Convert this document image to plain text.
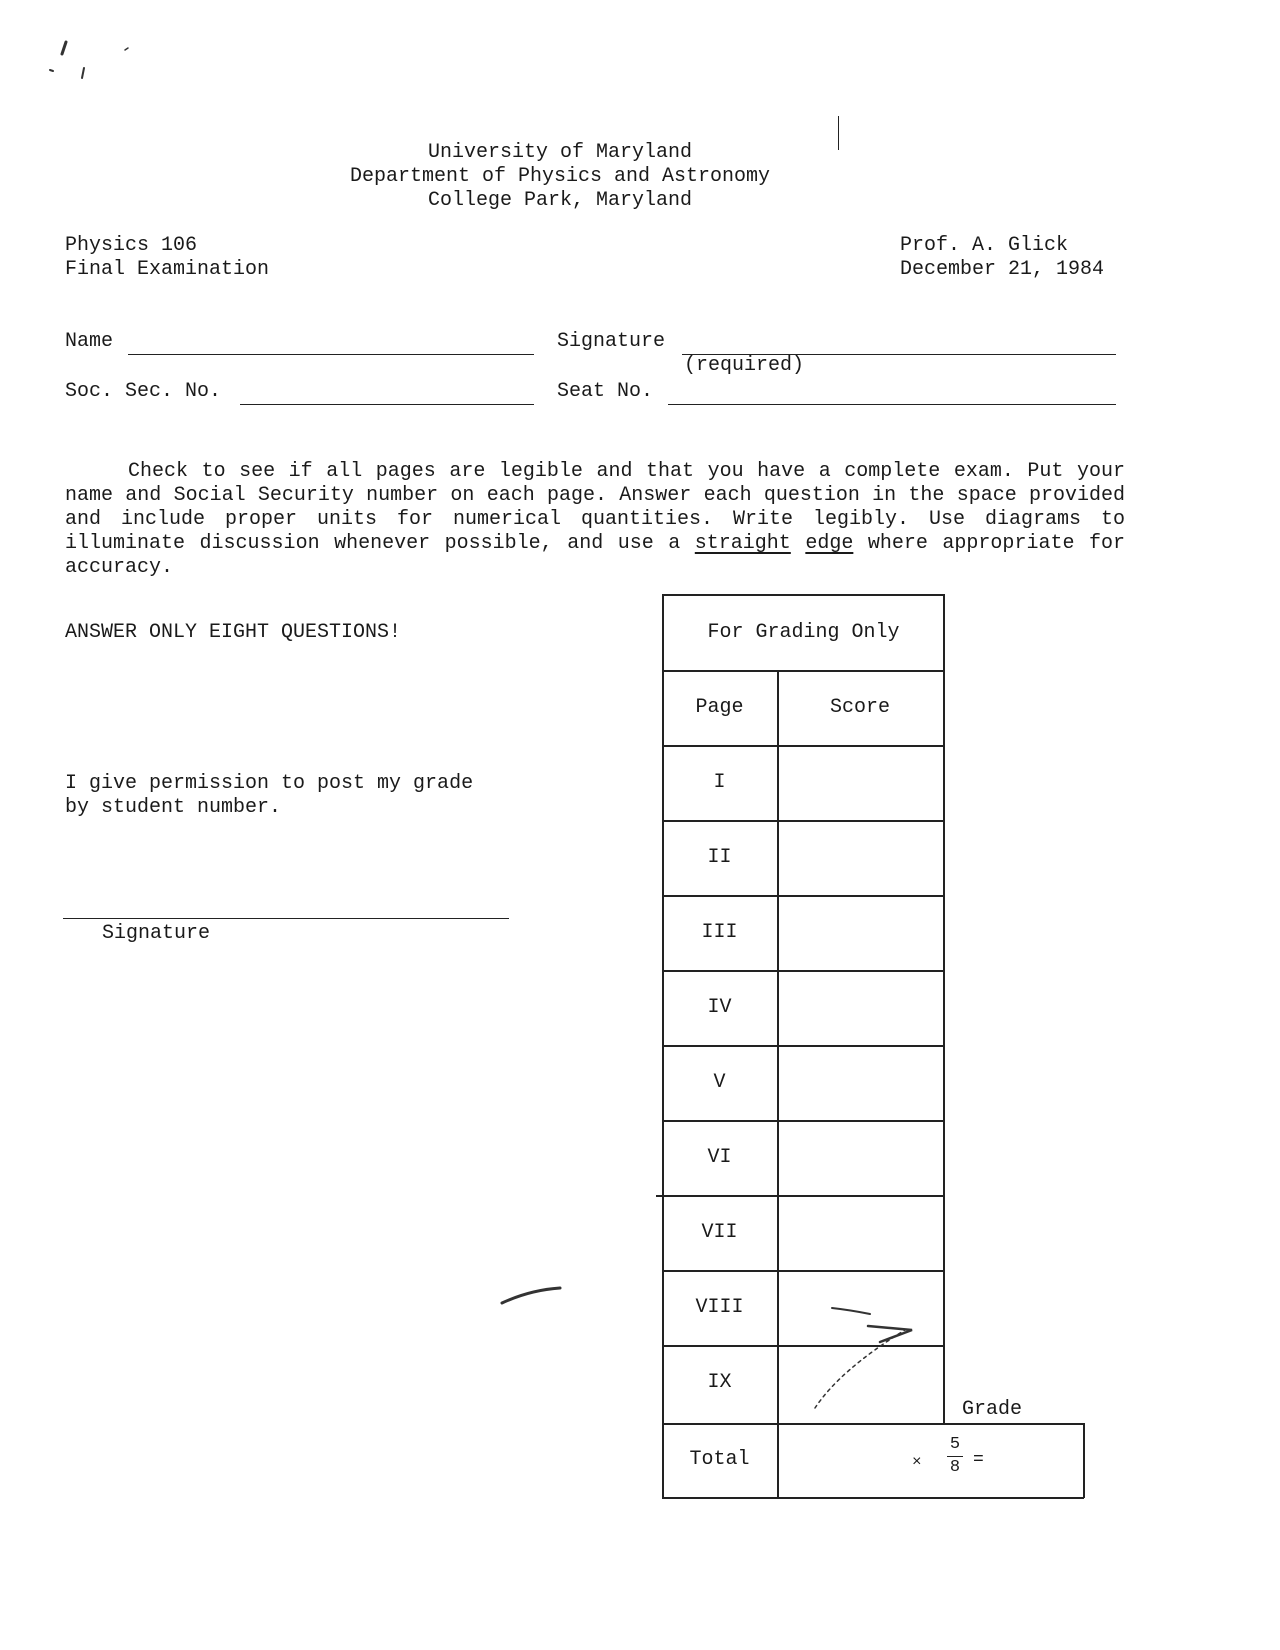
University of Maryland
Department of Physics and Astronomy
College Park, Maryland
Physics 106
Final Examination
Prof. A. Glick
December 21, 1984
Name	Signature
(required)
Soc. Sec. No.	Seat No.
Check to see if all pages are legible and that you have a complete exam. Put your name and Social Security number on each page. Answer each question in the space provided and include proper units for numerical quantities. Write legibly. Use diagrams to illuminate discussion whenever possible, and use a straight edge where appropriate for accuracy.
ANSWER ONLY EIGHT QUESTIONS!
I give permission to post my grade
by student number.
Signature
For Grading Only
Page	Score
I
II
III
IV
V
VI
VII
VIII
IX
Grade
Total	×
5
8 =
